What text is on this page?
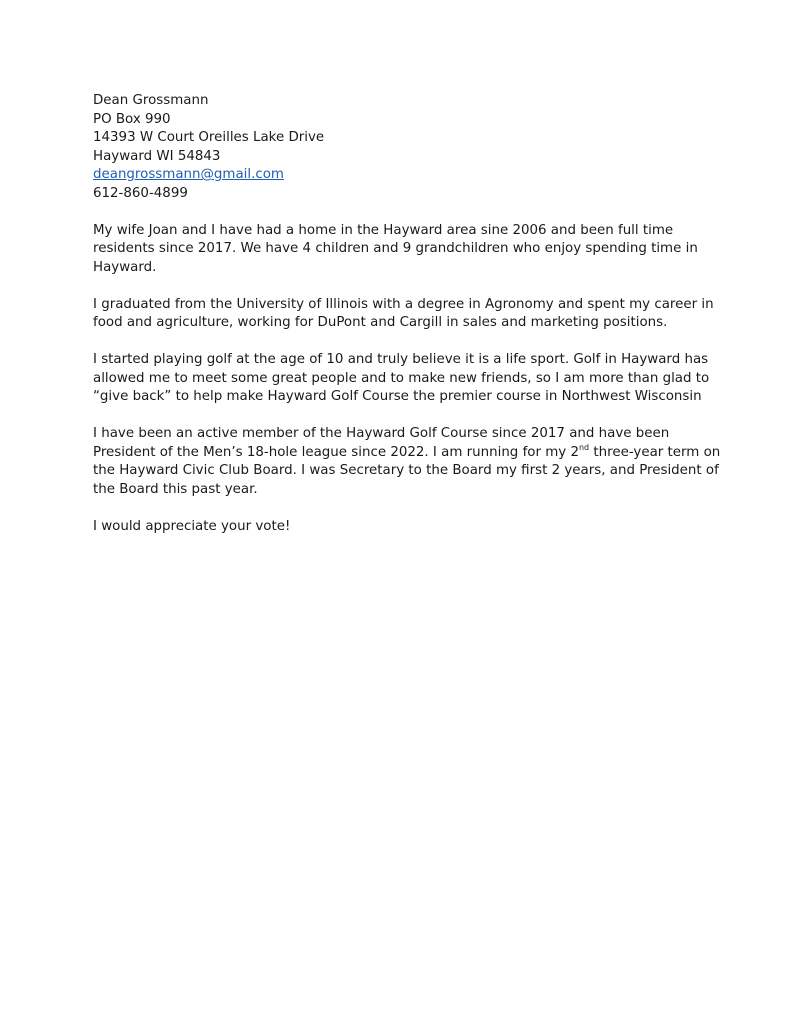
Dean Grossmann
PO Box 990
14393 W Court Oreilles Lake Drive
Hayward WI 54843
deangrossmann@gmail.com
612-860-4899

My wife Joan and I have had a home in the Hayward area sine 2006 and been full time residents since 2017. We have 4 children and 9 grandchildren who enjoy spending time in Hayward.

I graduated from the University of Illinois with a degree in Agronomy and spent my career in food and agriculture, working for DuPont and Cargill in sales and marketing positions.

I started playing golf at the age of 10 and truly believe it is a life sport. Golf in Hayward has allowed me to meet some great people and to make new friends, so I am more than glad to “give back” to help make Hayward Golf Course the premier course in Northwest Wisconsin

I have been an active member of the Hayward Golf Course since 2017 and have been President of the Men’s 18-hole league since 2022. I am running for my 2nd three-year term on the Hayward Civic Club Board. I was Secretary to the Board my first 2 years, and President of the Board this past year.

I would appreciate your vote!
